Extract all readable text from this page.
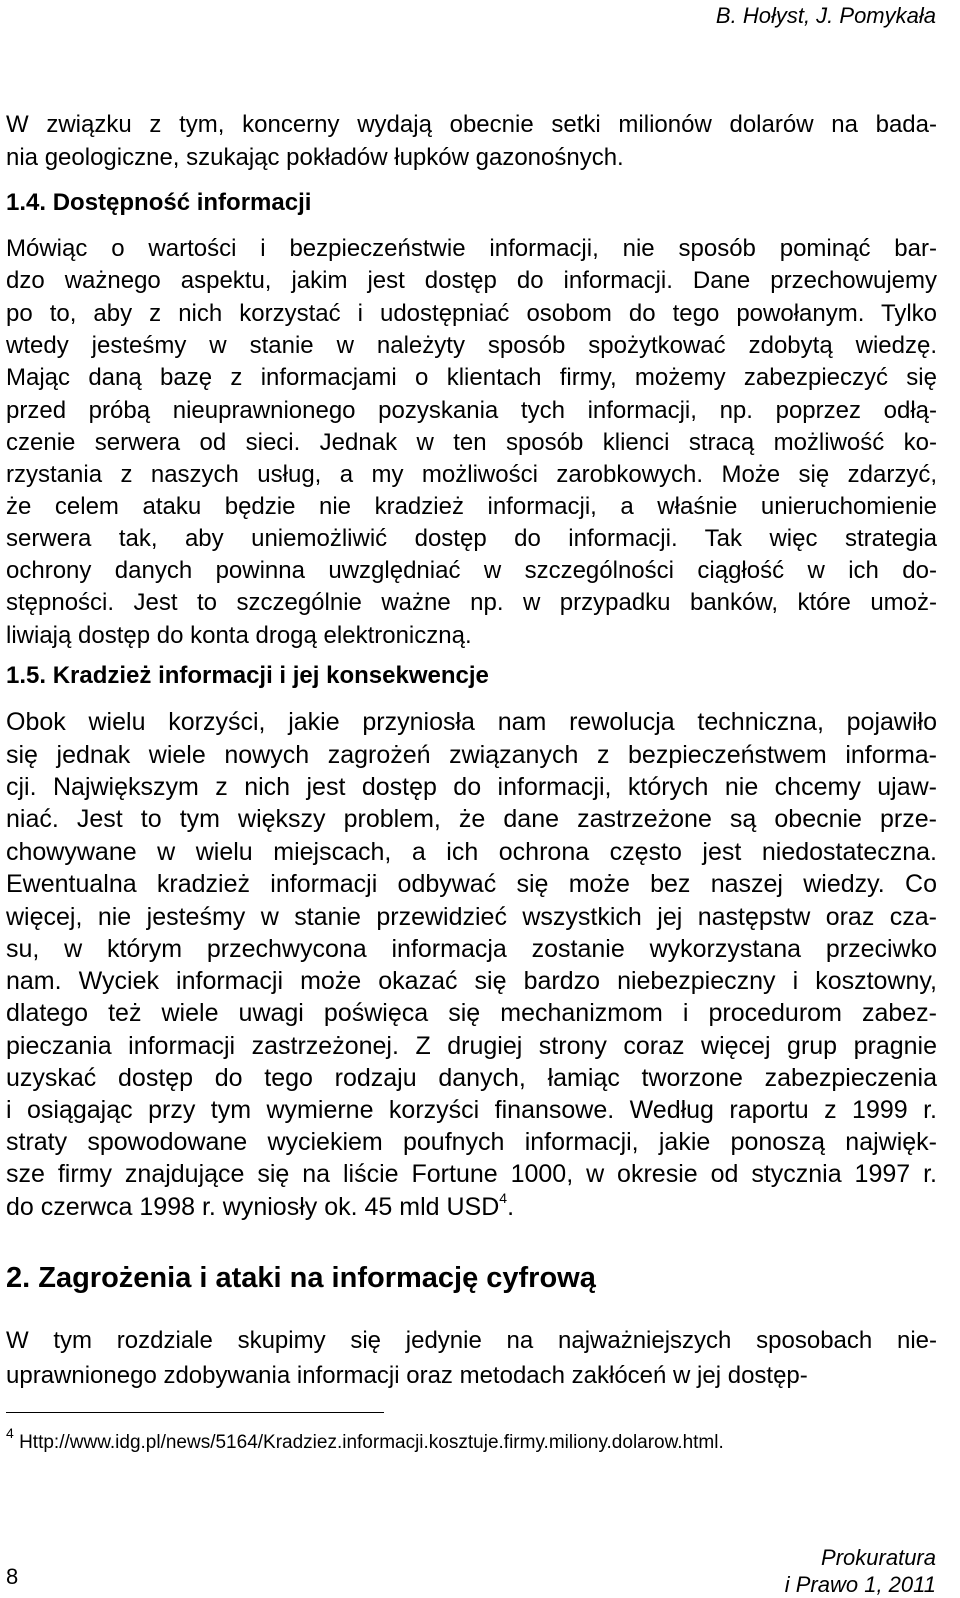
B. Hołyst, J. Pomykała
W związku z tym, koncerny wydają obecnie setki milionów dolarów na bada-
nia geologiczne, szukając pokładów łupków gazonośnych.
1.4. Dostępność informacji
Mówiąc o wartości i bezpieczeństwie informacji, nie sposób pominąć bar-
dzo ważnego aspektu, jakim jest dostęp do informacji. Dane przechowujemy
po to, aby z nich korzystać i udostępniać osobom do tego powołanym. Tylko
wtedy jesteśmy w stanie w należyty sposób spożytkować zdobytą wiedzę.
Mając daną bazę z informacjami o klientach firmy, możemy zabezpieczyć się
przed próbą nieuprawnionego pozyskania tych informacji, np. poprzez odłą-
czenie serwera od sieci. Jednak w ten sposób klienci stracą możliwość ko-
rzystania z naszych usług, a my możliwości zarobkowych. Może się zdarzyć,
że celem ataku będzie nie kradzież informacji, a właśnie unieruchomienie
serwera tak, aby uniemożliwić dostęp do informacji. Tak więc strategia
ochrony danych powinna uwzględniać w szczególności ciągłość w ich do-
stępności. Jest to szczególnie ważne np. w przypadku banków, które umoż-
liwiają dostęp do konta drogą elektroniczną.
1.5. Kradzież informacji i jej konsekwencje
Obok wielu korzyści, jakie przyniosła nam rewolucja techniczna, pojawiło
się jednak wiele nowych zagrożeń związanych z bezpieczeństwem informa-
cji. Największym z nich jest dostęp do informacji, których nie chcemy ujaw-
niać. Jest to tym większy problem, że dane zastrzeżone są obecnie prze-
chowywane w wielu miejscach, a ich ochrona często jest niedostateczna.
Ewentualna kradzież informacji odbywać się może bez naszej wiedzy. Co
więcej, nie jesteśmy w stanie przewidzieć wszystkich jej następstw oraz cza-
su, w którym przechwycona informacja zostanie wykorzystana przeciwko
nam. Wyciek informacji może okazać się bardzo niebezpieczny i kosztowny,
dlatego też wiele uwagi poświęca się mechanizmom i procedurom zabez-
pieczania informacji zastrzeżonej. Z drugiej strony coraz więcej grup pragnie
uzyskać dostęp do tego rodzaju danych, łamiąc tworzone zabezpieczenia
i osiągając przy tym wymierne korzyści finansowe. Według raportu z 1999 r.
straty spowodowane wyciekiem poufnych informacji, jakie ponoszą najwięk-
sze firmy znajdujące się na liście Fortune 1000, w okresie od stycznia 1997 r.
do czerwca 1998 r. wyniosły ok. 45 mld USD$^4$.
2. Zagrożenia i ataki na informację cyfrową
W tym rozdziale skupimy się jedynie na najważniejszych sposobach nie-
uprawnionego zdobywania informacji oraz metodach zakłóceń w jej dostęp-
$^4$ Http://www.idg.pl/news/5164/Kradziez.informacji.kosztuje.firmy.miliony.dolarow.html.
8
Prokuratura
i Prawo 1, 2011
